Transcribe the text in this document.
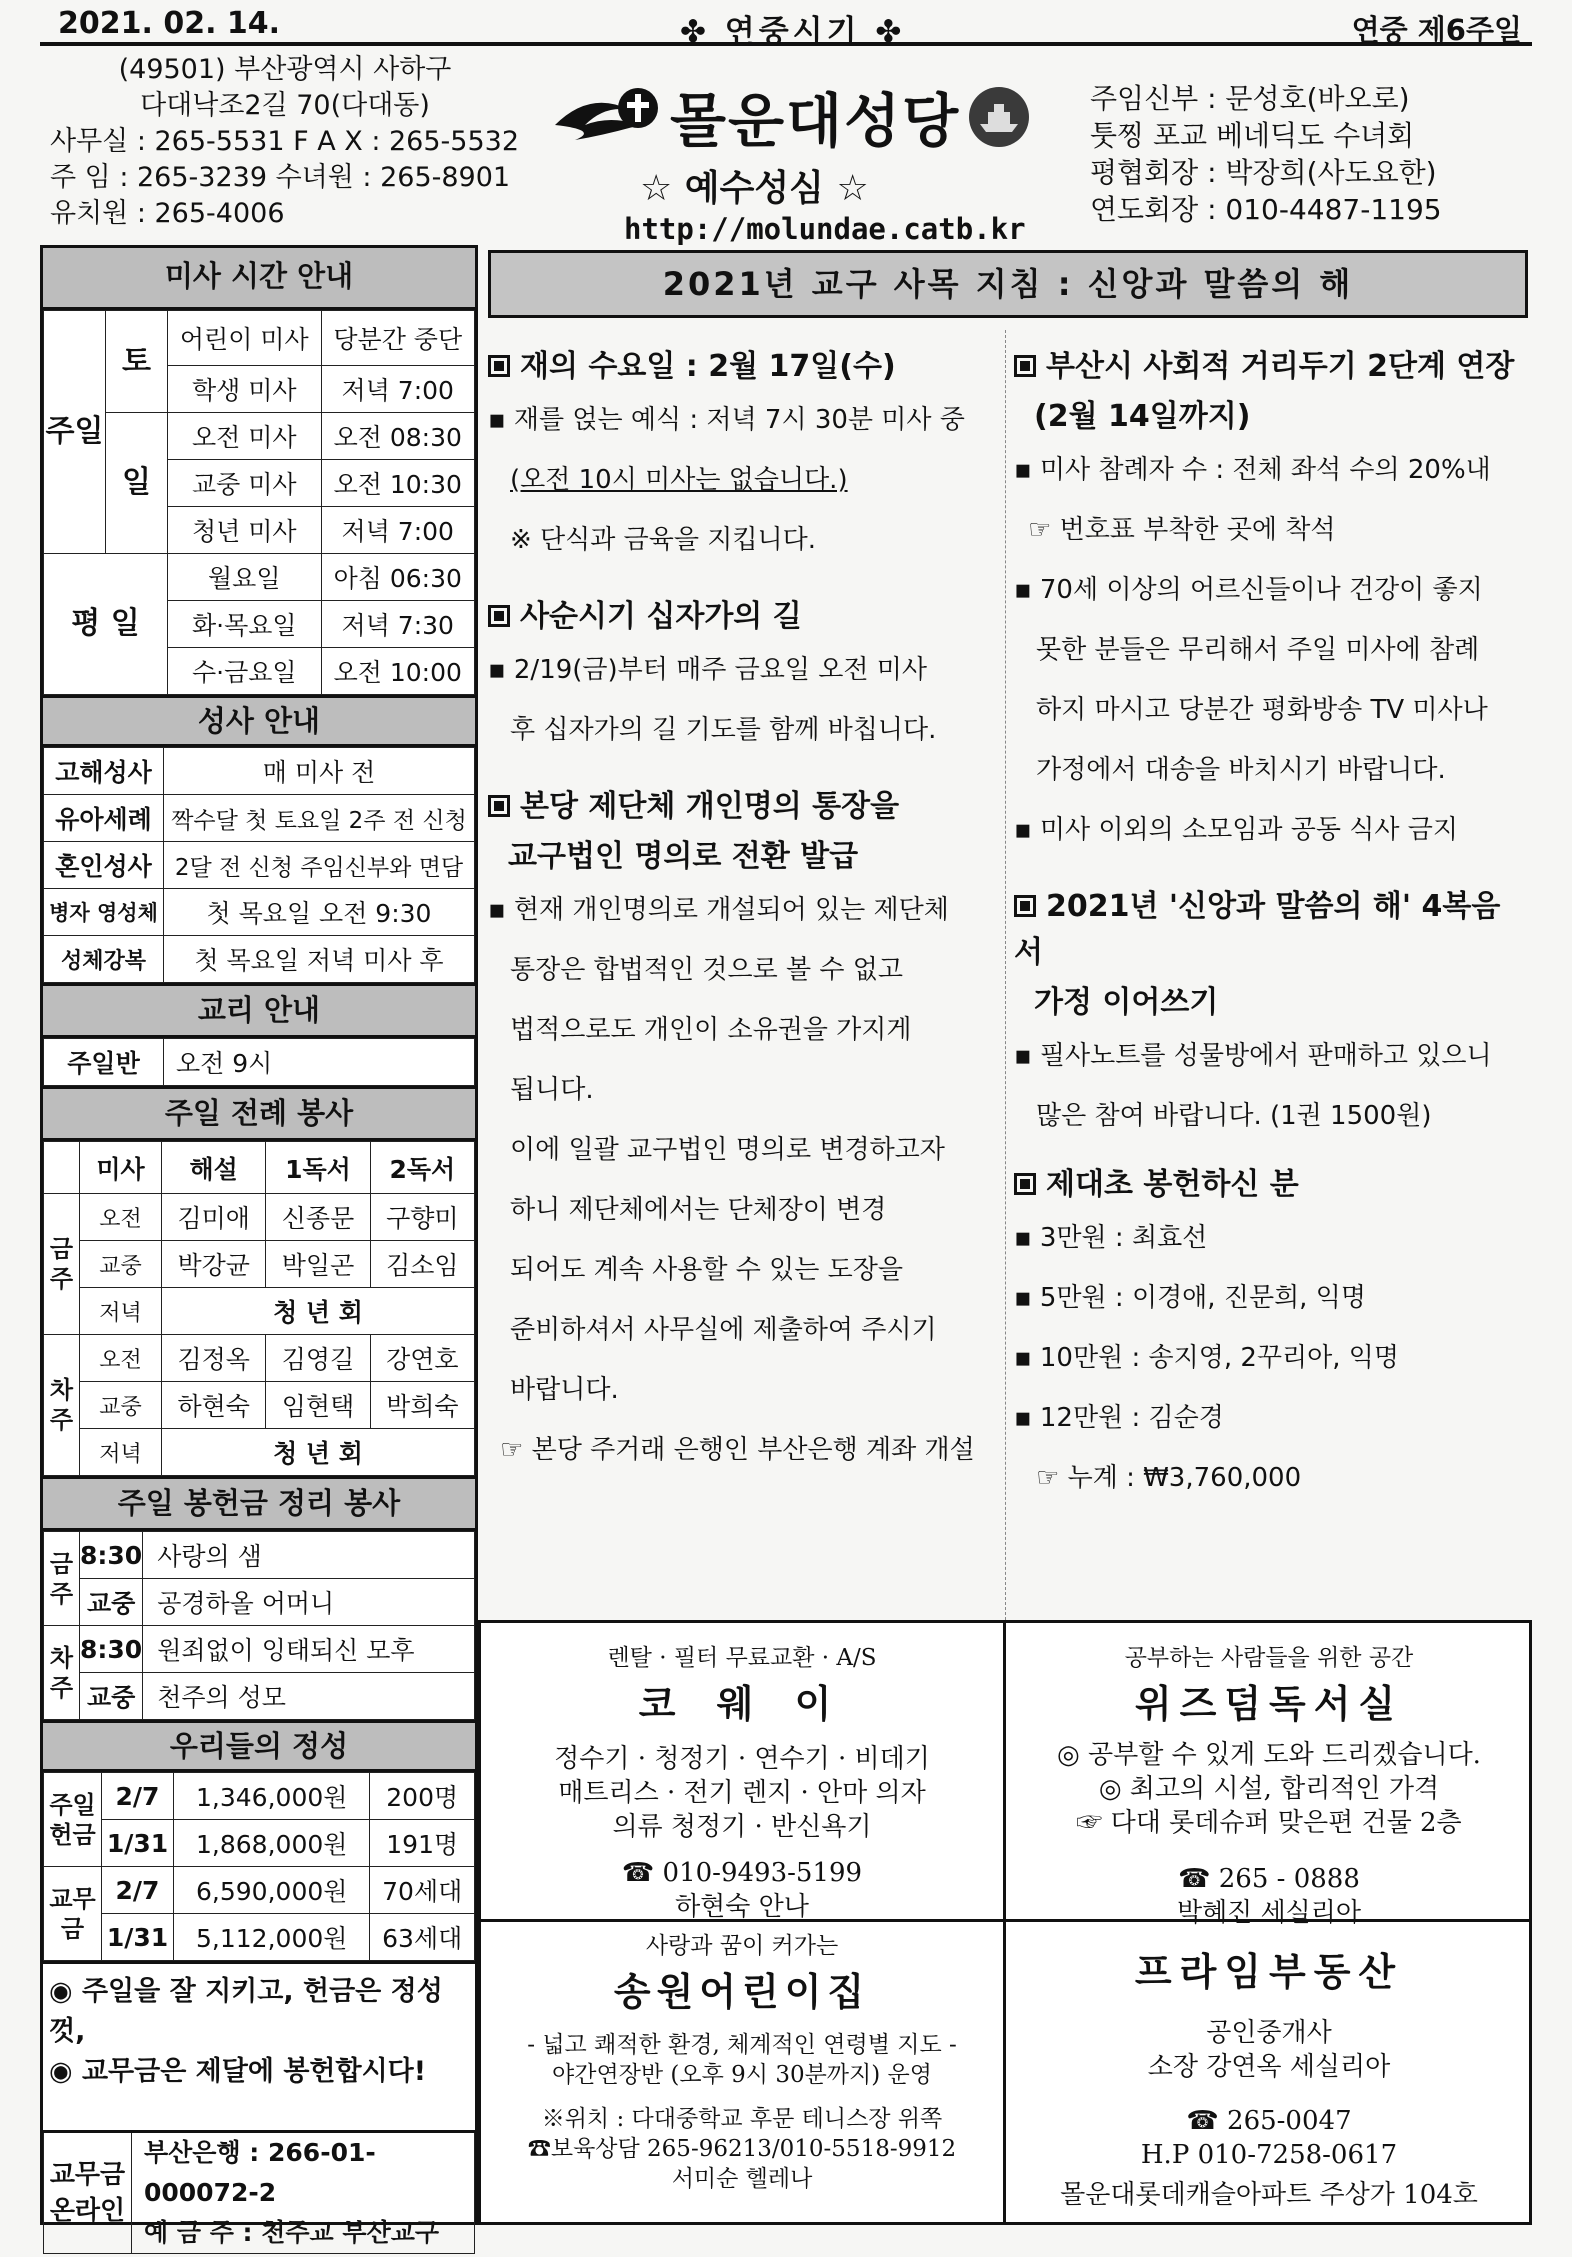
2021. 02. 14.	✤ 연중시기 ✤	연중 제6주일
(49501) 부산광역시 사하구
다대낙조2길 70(다대동)
사무실 : 265-5531 F A X : 265-5532
주 임 : 265-3239 수녀원 : 265-8901
유치원 : 265-4006
몰운대성당
☆ 예수성심 ☆
http://molundae.catb.kr
주임신부 : 문성호(바오로)
툿찡 포교 베네딕도 수녀회
평협회장 : 박장희(사도요한)
연도회장 : 010-4487-1195
미사 시간 안내
주일	토	어린이 미사	당분간 중단
		학생 미사	저녁 7:00
	일	오전 미사	오전 08:30
		교중 미사	오전 10:30
		청년 미사	저녁 7:00
평 일		월요일	아침 06:30
		화·목요일	저녁 7:30
		수·금요일	오전 10:00
성사 안내
고해성사	매 미사 전
유아세례	짝수달 첫 토요일 2주 전 신청
혼인성사	2달 전 신청 주임신부와 면담
병자 영성체	첫 목요일 오전 9:30
성체강복	첫 목요일 저녁 미사 후
교리 안내
주일반	오전 9시
주일 전례 봉사
	미사	해설	1독서	2독서
금주	오전	김미애	신종문	구향미
	교중	박강균	박일곤	김소임
	저녁	청 년 회		
차주	오전	김정옥	김영길	강연호
	교중	하현숙	임현택	박희숙
	저녁	청 년 회		
주일 봉헌금 정리 봉사
금주	8:30	사랑의 샘
	교중	공경하올 어머니
차주	8:30	원죄없이 잉태되신 모후
	교중	천주의 성모
우리들의 정성
주일헌금	2/7	1,346,000원	200명
	1/31	1,868,000원	191명
교무금	2/7	6,590,000원	70세대
	1/31	5,112,000원	63세대
◉ 주일을 잘 지키고, 헌금은 정성껏,
◉ 교무금은 제달에 봉헌합시다!
교무금 온라인	
부산은행 : 266-01-000072-2
예 금 주 : 천주교 부산교구
2021년 교구 사목 지침 : 신앙과 말씀의 해
재의 수요일 : 2월 17일(수)
▪ 재를 얹는 예식 : 저녁 7시 30분 미사 중
(오전 10시 미사는 없습니다.)
※ 단식과 금육을 지킵니다.
사순시기 십자가의 길
▪ 2/19(금)부터 매주 금요일 오전 미사
후 십자가의 길 기도를 함께 바칩니다.
본당 제단체 개인명의 통장을
교구법인 명의로 전환 발급
▪ 현재 개인명의로 개설되어 있는 제단체
통장은 합법적인 것으로 볼 수 없고
법적으로도 개인이 소유권을 가지게
됩니다.
이에 일괄 교구법인 명의로 변경하고자
하니 제단체에서는 단체장이 변경
되어도 계속 사용할 수 있는 도장을
준비하셔서 사무실에 제출하여 주시기
바랍니다.
☞ 본당 주거래 은행인 부산은행 계좌 개설
부산시 사회적 거리두기 2단계 연장
(2월 14일까지)
▪ 미사 참례자 수 : 전체 좌석 수의 20%내
☞ 번호표 부착한 곳에 착석
▪ 70세 이상의 어르신들이나 건강이 좋지
못한 분들은 무리해서 주일 미사에 참례
하지 마시고 당분간 평화방송 TV 미사나
가정에서 대송을 바치시기 바랍니다.
▪ 미사 이외의 소모임과 공동 식사 금지
2021년 '신앙과 말씀의 해' 4복음서
가정 이어쓰기
▪ 필사노트를 성물방에서 판매하고 있으니
많은 참여 바랍니다. (1권 1500원)
제대초 봉헌하신 분
▪ 3만원 : 최효선
▪ 5만원 : 이경애, 진문희, 익명
▪ 10만원 : 송지영, 2꾸리아, 익명
▪ 12만원 : 김순경
☞ 누계 : ₩3,760,000
렌탈 · 필터 무료교환 · A/S
코 웨 이
정수기 · 청정기 · 연수기 · 비데기
매트리스 · 전기 렌지 · 안마 의자
의류 청정기 · 반신욕기
☎ 010-9493-5199
하현숙 안나
공부하는 사람들을 위한 공간
위즈덤독서실
◎ 공부할 수 있게 도와 드리겠습니다.
◎ 최고의 시설, 합리적인 가격
☞ 다대 롯데슈퍼 맞은편 건물 2층
☎ 265 - 0888
박혜진 세실리아
사랑과 꿈이 커가는
송원어린이집
- 넓고 쾌적한 환경, 체계적인 연령별 지도 -
야간연장반 (오후 9시 30분까지) 운영
※위치 : 다대중학교 후문 테니스장 위쪽
☎보육상담 265-96213/010-5518-9912
서미순 헬레나
프라임부동산
공인중개사
소장 강연옥 세실리아
☎ 265-0047
H.P 010-7258-0617
몰운대롯데캐슬아파트 주상가 104호
